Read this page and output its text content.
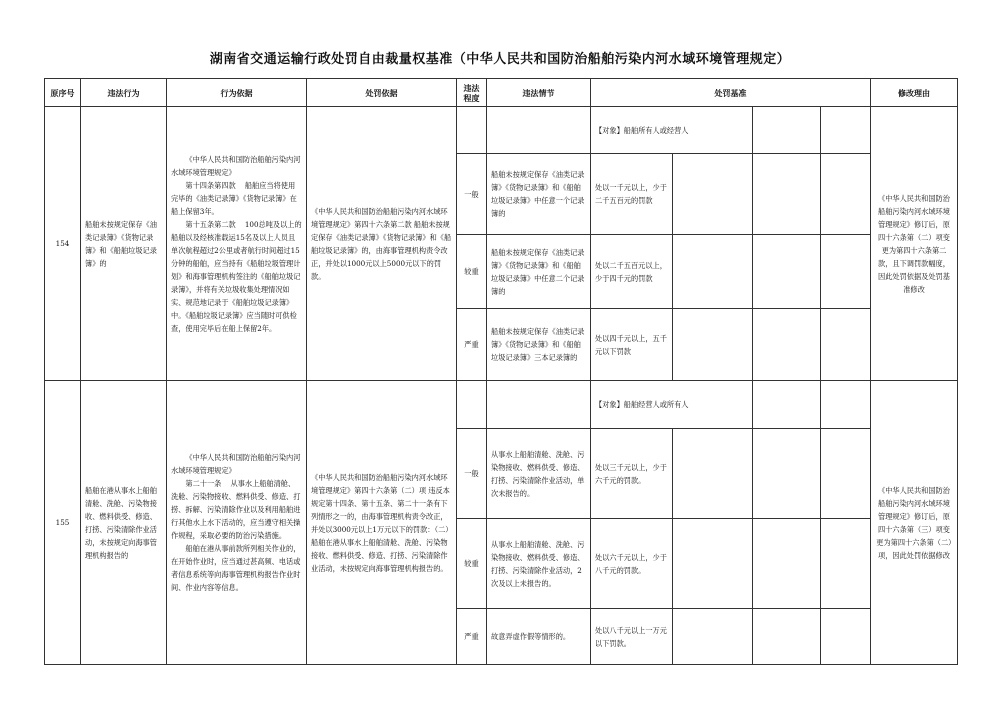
湖南省交通运输行政处罚自由裁量权基准（中华人民共和国防治船舶污染内河水域环境管理规定）
原序号	违法行为	行为依据	处罚依据	违法程度	违法情节	处罚基准				修改理由
154	船舶未按规定保存《油类记录簿》《货物记录簿》和《船舶垃圾记录簿》的	《中华人民共和国防治船舶污染内河水域环境管理规定》

第十四条第四款    船舶应当将使用完毕的《油类记录簿》《货物记录簿》在船上保留3年。

第十五条第二款    100总吨及以上的船舶以及经核准载运15名及以上人员且单次航程超过2公里或者航行时间超过15分钟的船舶，应当持有《船舶垃圾管理计划》和海事管理机构签注的《船舶垃圾记录簿》，并将有关垃圾收集处理情况如实、规范地记录于《船舶垃圾记录簿》中。《船舶垃圾记录簿》应当随时可供检查，使用完毕后在船上保留2年。	《中华人民共和国防治船舶污染内河水域环境管理规定》第四十六条第二款 船舶未按规定保存《油类记录簿》《货物记录簿》和《船舶垃圾记录簿》的，由海事管理机构责令改正，并处以1000元以上5000元以下的罚款。			【对象】船舶所有人或经营人				《中华人民共和国防治船舶污染内河水域环境管理规定》修订后，原四十六条第（二）项变更为第四十六条第二款，且下调罚款幅度，因此处罚依据及处罚基准修改
				一般	船舶未按规定保存《油类记录簿》《货物记录簿》和《船舶垃圾记录簿》中任意一个记录簿的	处以一千元以上，少于二千五百元的罚款				
				较重	船舶未按规定保存《油类记录簿》《货物记录簿》和《船舶垃圾记录簿》中任意二个记录簿的	处以二千五百元以上，少于四千元的罚款				
				严重	船舶未按规定保存《油类记录簿》《货物记录簿》和《船舶垃圾记录簿》三本记录簿的	处以四千元以上，五千元以下罚款				
155	船舶在港从事水上船舶清舱、洗舱、污染物接收、燃料供受、修造、打捞、污染清除作业活动，未按规定向海事管理机构报告的	《中华人民共和国防治船舶污染内河水域环境管理规定》

第二十一条    从事水上船舶清舱、洗舱、污染物接收、燃料供受、修造、打捞、拆解、污染清除作业以及利用船舶进行其他水上水下活动的，应当遵守相关操作规程，采取必要的防治污染措施。

船舶在港从事前款所列相关作业的，在开始作业时，应当通过甚高频、电话或者信息系统等向海事管理机构报告作业时间、作业内容等信息。	《中华人民共和国防治船舶污染内河水域环境管理规定》第四十六条第（二）项 违反本规定第十四条、第十五条、第二十一条有下列情形之一的，由海事管理机构责令改正，并处以3000元以上1万元以下的罚款：（二）船舶在港从事水上船舶清舱、洗舱、污染物接收、燃料供受、修造、打捞、污染清除作业活动，未按规定向海事管理机构报告的。			【对象】船舶经营人或所有人				《中华人民共和国防治船舶污染内河水域环境管理规定》修订后，原四十六条第（三）项变更为第四十六条第（二）项，因此处罚依据修改
				一般	从事水上船舶清舱、洗舱、污染物接收、燃料供受、修造、打捞、污染清除作业活动，单次未报告的。	处以三千元以上，少于六千元的罚款。				
				较重	从事水上船舶清舱、洗舱、污染物接收、燃料供受、修造、打捞、污染清除作业活动，2次及以上未报告的。	处以六千元以上，少于八千元的罚款。				
				严重	故意弄虚作假等情形的。	处以八千元以上一万元以下罚款。				
